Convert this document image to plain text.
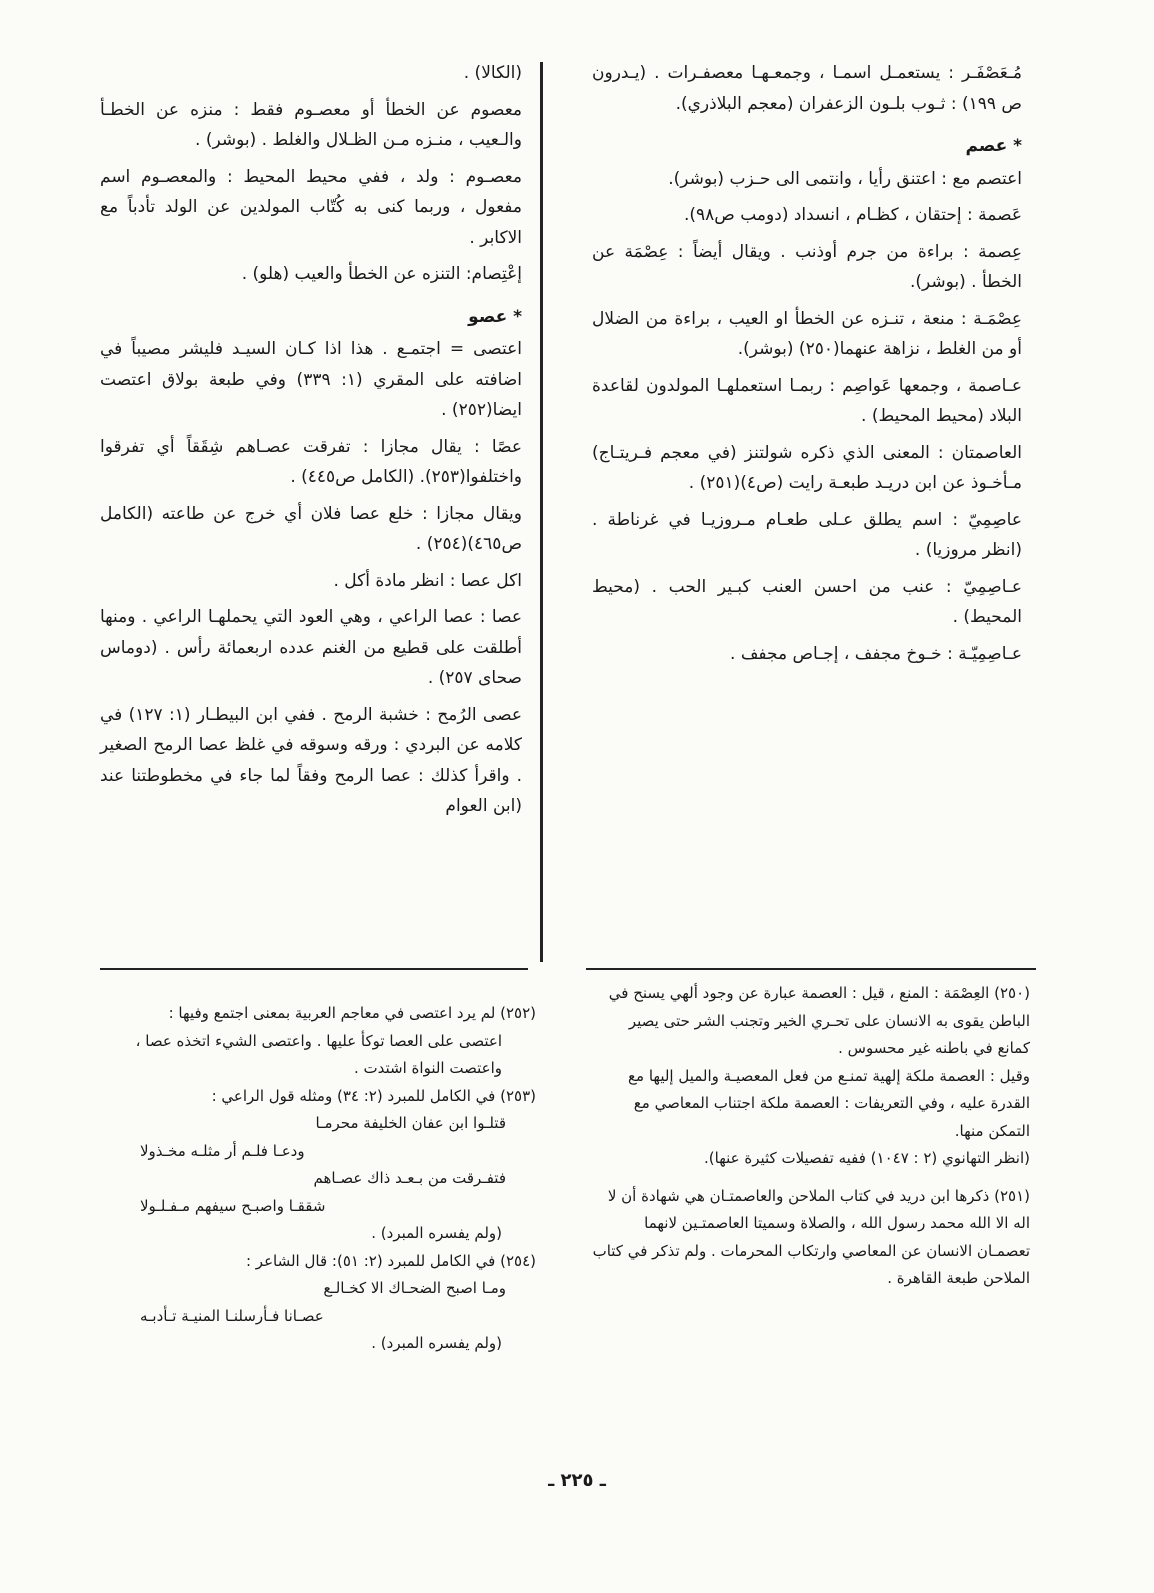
مُـعَصْفَـر : يستعمـل اسمـا ، وجمعـهـا معصفـرات . (يـدرون ص ١٩٩) : ثـوب بلـون الزعفران (معجم البلاذري).

* عصم

اعتصم مع : اعتنق رأيا ، وانتمى الى حـزب (بوشر).

عَصمة : إحتقان ، كظـام ، انسداد (دومب ص٩٨).

عِصمة : براءة من جرم أوذنب . ويقال أيضاً : عِصْمَة عن الخطأ . (بوشر).

عِصْمَـة : منعة ، تنـزه عن الخطأ او العيب ، براءة من الضلال أو من الغلط ، نزاهة عنهما(٢٥٠) (بوشر).

عـاصمة ، وجمعها عَواصِم : ربمـا استعملهـا المولدون لقاعدة البلاد (محيط المحيط) .

العاصمتان : المعنى الذي ذكره شولتنز (في معجم فـريتـاج) مـأخـوذ عن ابن دريـد طبعـة رايت (ص٤)(٢٥١) .

عاصِمِيّ : اسم يطلق عـلى طعـام مـروزيـا في غرناطة . (انظر مروزيا) .

عـاصِمِيّ : عنب من احسن العنب كبـير الحب . (محيط المحيط) .

عـاصِمِيّـة : خـوخ مجفف ، إجـاص مجفف .

(الكالا) .

معصوم عن الخطأ أو معصـوم فقط : منزه عن الخطـأ والـعيب ، منـزه مـن الظـلال والغلط . (بوشر) .

معصـوم : ولد ، ففي محيط المحيط : والمعصـوم اسم مفعول ، وربما كنى به كُتّاب المولدين عن الولد تأدباً مع الاكابر .

إعْتِصام: التنزه عن الخطأ والعيب (هلو) .

* عصو

اعتصى = اجتمـع . هذا اذا كـان السيـد فليشر مصيباً في اضافته على المقري (١: ٣٣٩) وفي طبعة بولاق اعتصت ايضا(٢٥٢) .

عصًا : يقال مجازا : تفرقت عصـاهم شِقَقاً أي تفرقوا واختلفوا(٢٥٣). (الكامل ص٤٤٥) .

ويقال مجازا : خلع عصا فلان أي خرج عن طاعته (الكامل ص٤٦٥)(٢٥٤) .

اكل عصا : انظر مادة أكل .

عصا : عصا الراعي ، وهي العود التي يحملهـا الراعي . ومنها أطلقت على قطيع من الغنم عدده اربعمائة رأس . (دوماس صحاى ٢٥٧) .

عصى الرُمح : خشبة الرمح . ففي ابن البيطـار (١: ١٢٧) في كلامه عن البردي : ورقه وسوقه في غلظ عصا الرمح الصغير . واقرأ كذلك : عصا الرمح وفقاً لما جاء في مخطوطتنا عند (ابن العوام

(٢٥٠) العِصْمَة : المنع ، قيل : العصمة عبارة عن وجود ألهي يسنح في الباطن يقوى به الانسان على تحـري الخير وتجنب الشر حتى يصير كمانع في باطنه غير محسوس .

وقيل : العصمة ملكة إلهية تمنـع من فعل المعصيـة والميل إليها مع القدرة عليه ، وفي التعريفات : العصمة ملكة اجتناب المعاصي مع التمكن منها.

(انظر التهانوي (٢ : ١٠٤٧) ففيه تفصيلات كثيرة عنها).

(٢٥١) ذكرها ابن دريد في كتاب الملاحن والعاصمتـان هي شهادة أن لا اله الا الله محمد رسول الله ، والصلاة وسميتا العاصمتـين لانهما تعصمـان الانسان عن المعاصي وارتكاب المحرمات . ولم تذكر في كتاب الملاحن طبعة القاهرة .

(٢٥٢) لم يرد اعتصى في معاجم العربية بمعنى اجتمع وفيها :

اعتصى على العصا توكأ عليها . واعتصى الشيء اتخذه عصا ، واعتصت النواة اشتدت .

(٢٥٣) في الكامل للمبرد (٢: ٣٤) ومثله قول الراعي :

قتلـوا ابن عفان الخليفة محرمـا

ودعـا فلـم أر مثلـه مخـذولا

فتفـرقت من بـعـد ذاك عصـاهم

شققـا واصبـح سيفهم مـفـلـولا

(ولم يفسره المبرد) .

(٢٥٤) في الكامل للمبرد (٢: ٥١): قال الشاعر :

ومـا اصبح الضحـاك الا كخـالـع

عصـانا فـأرسلنـا المنيـة تـأدبـه

(ولم يفسره المبرد) .

ـ ٢٢٥ ـ
